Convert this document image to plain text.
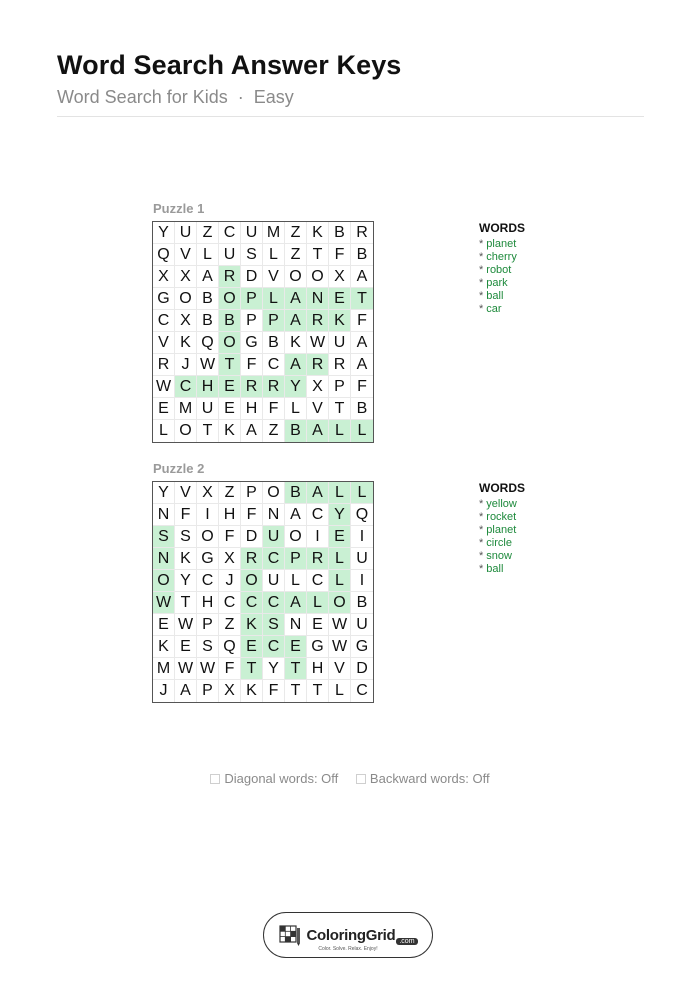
Word Search Answer Keys
Word Search for Kids · Easy
Puzzle 1
Y U Z C U M Z K B R
Q V L U S L Z T F B
X X A R D V O O X A
G O B O P L A N E T
C X B B P P A R K F
V K Q O G B K W U A
R J W T F C A R R A
W C H E R R Y X P F
E M U E H F L V T B
L O T K A Z B A L L
WORDS
* planet
* cherry
* robot
* park
* ball
* car
Puzzle 2
Y V X Z P O B A L L
N F I H F N A C Y Q
S S O F D U O I E I
N K G X R C P R L U
O Y C J O U L C L I
W T H C C C A L O B
E W P Z K S N E W U
K E S Q E C E G W G
M W W F T Y T H V D
J A P X K F T T L C
WORDS
* yellow
* rocket
* planet
* circle
* snow
* ball
Diagonal words: Off
Backward words: Off
ColoringGrid .com
Color. Solve. Relax. Enjoy!
